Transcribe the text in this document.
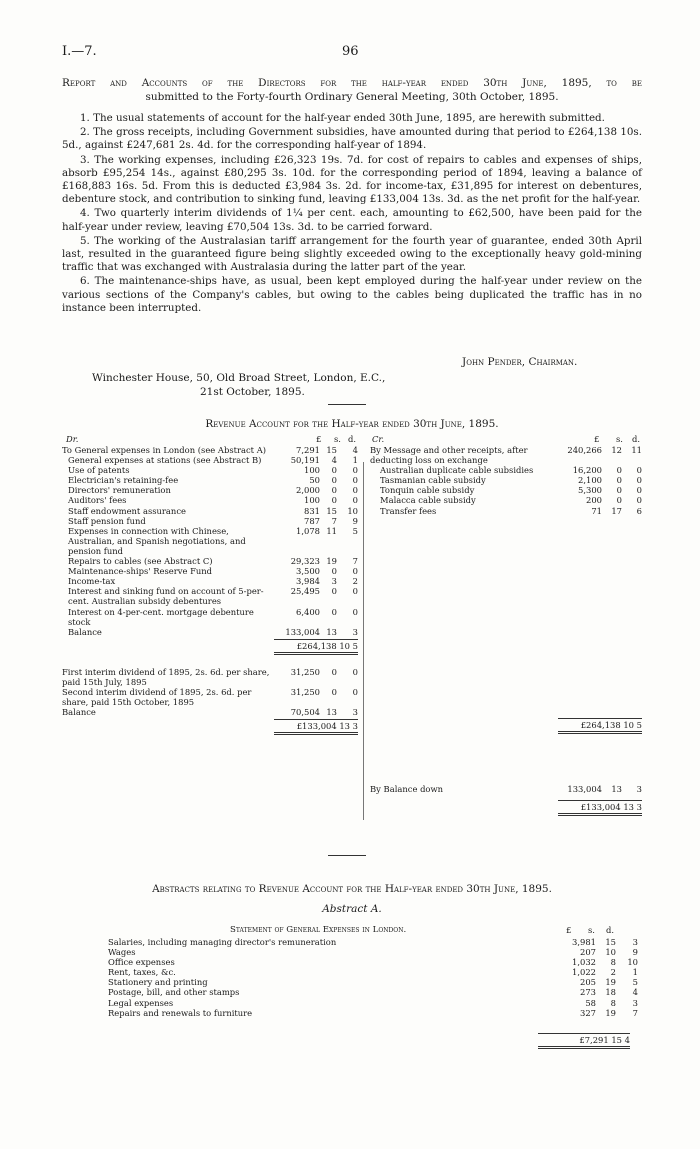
I.—7.	96
Report and Accounts of the Directors for the half-year ended 30th June, 1895, to be
submitted to the Forty-fourth Ordinary General Meeting, 30th October, 1895.

1. The usual statements of account for the half-year ended 30th June, 1895, are herewith submitted.

2. The gross receipts, including Government subsidies, have amounted during that period to £264,138 10s. 5d., against £247,681 2s. 4d. for the corresponding half-year of 1894.

3. The working expenses, including £26,323 19s. 7d. for cost of repairs to cables and expenses of ships, absorb £95,254 14s., against £80,295 3s. 10d. for the corresponding period of 1894, leaving a balance of £168,883 16s. 5d. From this is deducted £3,984 3s. 2d. for income-tax, £31,895 for interest on debentures, debenture stock, and contribution to sinking fund, leaving £133,004 13s. 3d. as the net profit for the half-year.

4. Two quarterly interim dividends of 1¼ per cent. each, amounting to £62,500, have been paid for the half-year under review, leaving £70,504 13s. 3d. to be carried forward.

5. The working of the Australasian tariff arrangement for the fourth year of guarantee, ended 30th April last, resulted in the guaranteed figure being slightly exceeded owing to the exceptionally heavy gold-mining traffic that was exchanged with Australasia during the latter part of the year.

6. The maintenance-ships have, as usual, been kept employed during the half-year under review on the various sections of the Company's cables, but owing to the cables being duplicated the traffic has in no instance been interrupted.

John Pender, Chairman.
Winchester House, 50, Old Broad Street, London, E.C.,
21st October, 1895.
Revenue Account for the Half-year ended 30th June, 1895.
Dr.	£ s. d.
To General expenses in London (see Abstract A)	7,291	15	4
General expenses at stations (see Abstract B)	50,191	4	1
Use of patents	100	0	0
Electrician's retaining-fee	50	0	0
Directors' remuneration	2,000	0	0
Auditors' fees	100	0	0
Staff endowment assurance	831	15	10
Staff pension fund	787	7	9
Expenses in connection with Chinese, Australian, and Spanish negotiations, and pension fund	1,078	11	5
Repairs to cables (see Abstract C)	29,323	19	7
Maintenance-ships' Reserve Fund	3,500	0	0
Income-tax	3,984	3	2
Interest and sinking fund on account of 5-per-cent. Australian subsidy debentures	25,495	0	0
Interest on 4-per-cent. mortgage debenture stock	6,400	0	0
Balance	133,004	13	3
£264,138 10 5
First interim dividend of 1895, 2s. 6d. per share, paid 15th July, 1895	31,250	0	0
Second interim dividend of 1895, 2s. 6d. per share, paid 15th October, 1895	31,250	0	0
Balance	70,504	13	3
£133,004 13 3
Cr.	£ s. d.
By Message and other receipts, after deducting loss on exchange	240,266	12	11
Australian duplicate cable subsidies	16,200	0	0
Tasmanian cable subsidy	2,100	0	0
Tonquin cable subsidy	5,300	0	0
Malacca cable subsidy	200	0	0
Transfer fees	71	17	6
£264,138 10 5
By Balance down	133,004	13	3
£133,004 13 3
Abstracts relating to Revenue Account for the Half-year ended 30th June, 1895.
Abstract A.
Statement of General Expenses in London.	£ s. d.
Salaries, including managing director's remuneration	3,981	15	3
Wages	207	10	9
Office expenses	1,032	8	10
Rent, taxes, &c.	1,022	2	1
Stationery and printing	205	19	5
Postage, bill, and other stamps	273	18	4
Legal expenses	58	8	3
Repairs and renewals to furniture	327	19	7
£7,291 15 4
